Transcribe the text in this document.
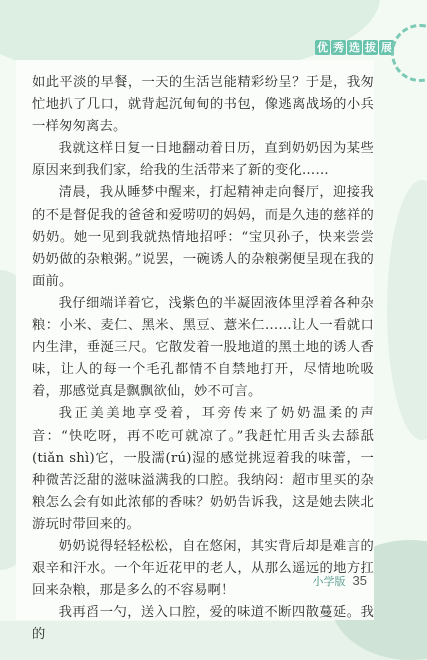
优 秀 选 拔 展

如此平淡的早餐，一天的生活岂能精彩纷呈？于是，我匆忙地扒了几口，就背起沉甸甸的书包，像逃离战场的小兵一样匆匆离去。

我就这样日复一日地翻动着日历，直到奶奶因为某些原因来到我们家，给我的生活带来了新的变化……

清晨，我从睡梦中醒来，打起精神走向餐厅，迎接我的不是督促我的爸爸和爱唠叨的妈妈，而是久违的慈祥的奶奶。她一见到我就热情地招呼：“宝贝孙子，快来尝尝奶奶做的杂粮粥。”说罢，一碗诱人的杂粮粥便呈现在我的面前。

我仔细端详着它，浅紫色的半凝固液体里浮着各种杂粮：小米、麦仁、黑米、黑豆、薏米仁……让人一看就口内生津，垂涎三尺。它散发着一股地道的黑土地的诱人香味，让人的每一个毛孔都情不自禁地打开，尽情地吮吸着，那感觉真是飘飘欲仙，妙不可言。

我正美美地享受着，耳旁传来了奶奶温柔的声音：“快吃呀，再不吃可就凉了。”我赶忙用舌头去舔舐(tiǎn shì)它，一股濡(rú)湿的感觉挑逗着我的味蕾，一种微苦泛甜的滋味溢满我的口腔。我纳闷：超市里买的杂粮怎么会有如此浓郁的香味？奶奶告诉我，这是她去陕北游玩时带回来的。

奶奶说得轻轻松松，自在悠闲，其实背后却是难言的艰辛和汗水。一个年近花甲的老人，从那么遥远的地方扛回来杂粮，那是多么的不容易啊！

我再舀一勺，送入口腔，爱的味道不断四散蔓延。我的

小学版 35
